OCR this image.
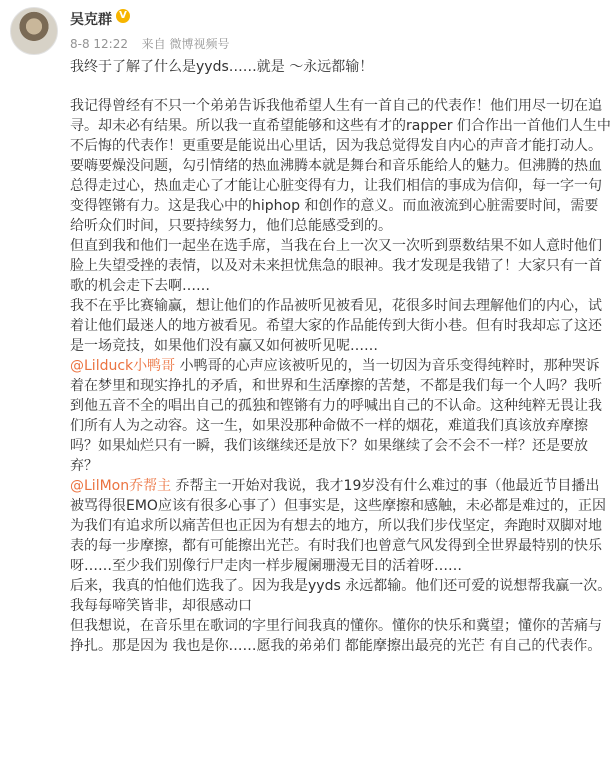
吴克群 V
8-8 12:22 来自 微博视频号
我终于了解了什么是yyds……就是 ～永远都输！
我记得曾经有不只一个弟弟告诉我他希望人生有一首自己的代表作！他们用尽一切在追
寻。却未必有结果。所以我一直希望能够和这些有才的rapper 们合作出一首他们人生中
不后悔的代表作！更重要是能说出心里话，因为我总觉得发自内心的声音才能打动人。
要嗨要燥没问题，勾引情绪的热血沸腾本就是舞台和音乐能给人的魅力。但沸腾的热血
总得走过心，热血走心了才能让心脏变得有力，让我们相信的事成为信仰，每一字一句
变得铿锵有力。这是我心中的hiphop 和创作的意义。而血液流到心脏需要时间，需要
给听众们时间，只要持续努力，他们总能感受到的。
但直到我和他们一起坐在选手席，当我在台上一次又一次听到票数结果不如人意时他们
脸上失望受挫的表情，以及对未来担忧焦急的眼神。我才发现是我错了！大家只有一首
歌的机会走下去啊……
我不在乎比赛输赢，想让他们的作品被听见被看见，花很多时间去理解他们的内心，试
着让他们最迷人的地方被看见。希望大家的作品能传到大街小巷。但有时我却忘了这还
是一场竞技，如果他们没有赢又如何被听见呢……
@Lilduck小鸭哥 小鸭哥的心声应该被听见的，当一切因为音乐变得纯粹时，那种哭诉
着在梦里和现实挣扎的矛盾，和世界和生活摩擦的苦楚，不都是我们每一个人吗？我听
到他五音不全的唱出自己的孤独和铿锵有力的呼喊出自己的不认命。这种纯粹无畏让我
们所有人为之动容。这一生，如果没那种命做不一样的烟花，难道我们真该放弃摩擦
吗？如果灿烂只有一瞬，我们该继续还是放下？如果继续了会不会不一样？还是要放
弃？
@LilMon乔帮主 乔帮主一开始对我说，我才19岁没有什么难过的事（他最近节目播出
被骂得很EMO应该有很多心事了）但事实是，这些摩擦和感触，未必都是难过的，正因
为我们有追求所以痛苦但也正因为有想去的地方，所以我们步伐坚定，奔跑时双脚对地
表的每一步摩擦，都有可能擦出光芒。有时我们也曾意气风发得到全世界最特别的快乐
呀……至少我们别像行尸走肉一样步履阑珊漫无目的活着呀……
后来，我真的怕他们选我了。因为我是yyds 永远都输。他们还可爱的说想帮我赢一次。
我每每啼笑皆非，却很感动口
但我想说，在音乐里在歌词的字里行间我真的懂你。懂你的快乐和冀望；懂你的苦痛与
挣扎。那是因为 我也是你……愿我的弟弟们 都能摩擦出最亮的光芒 有自己的代表作。
